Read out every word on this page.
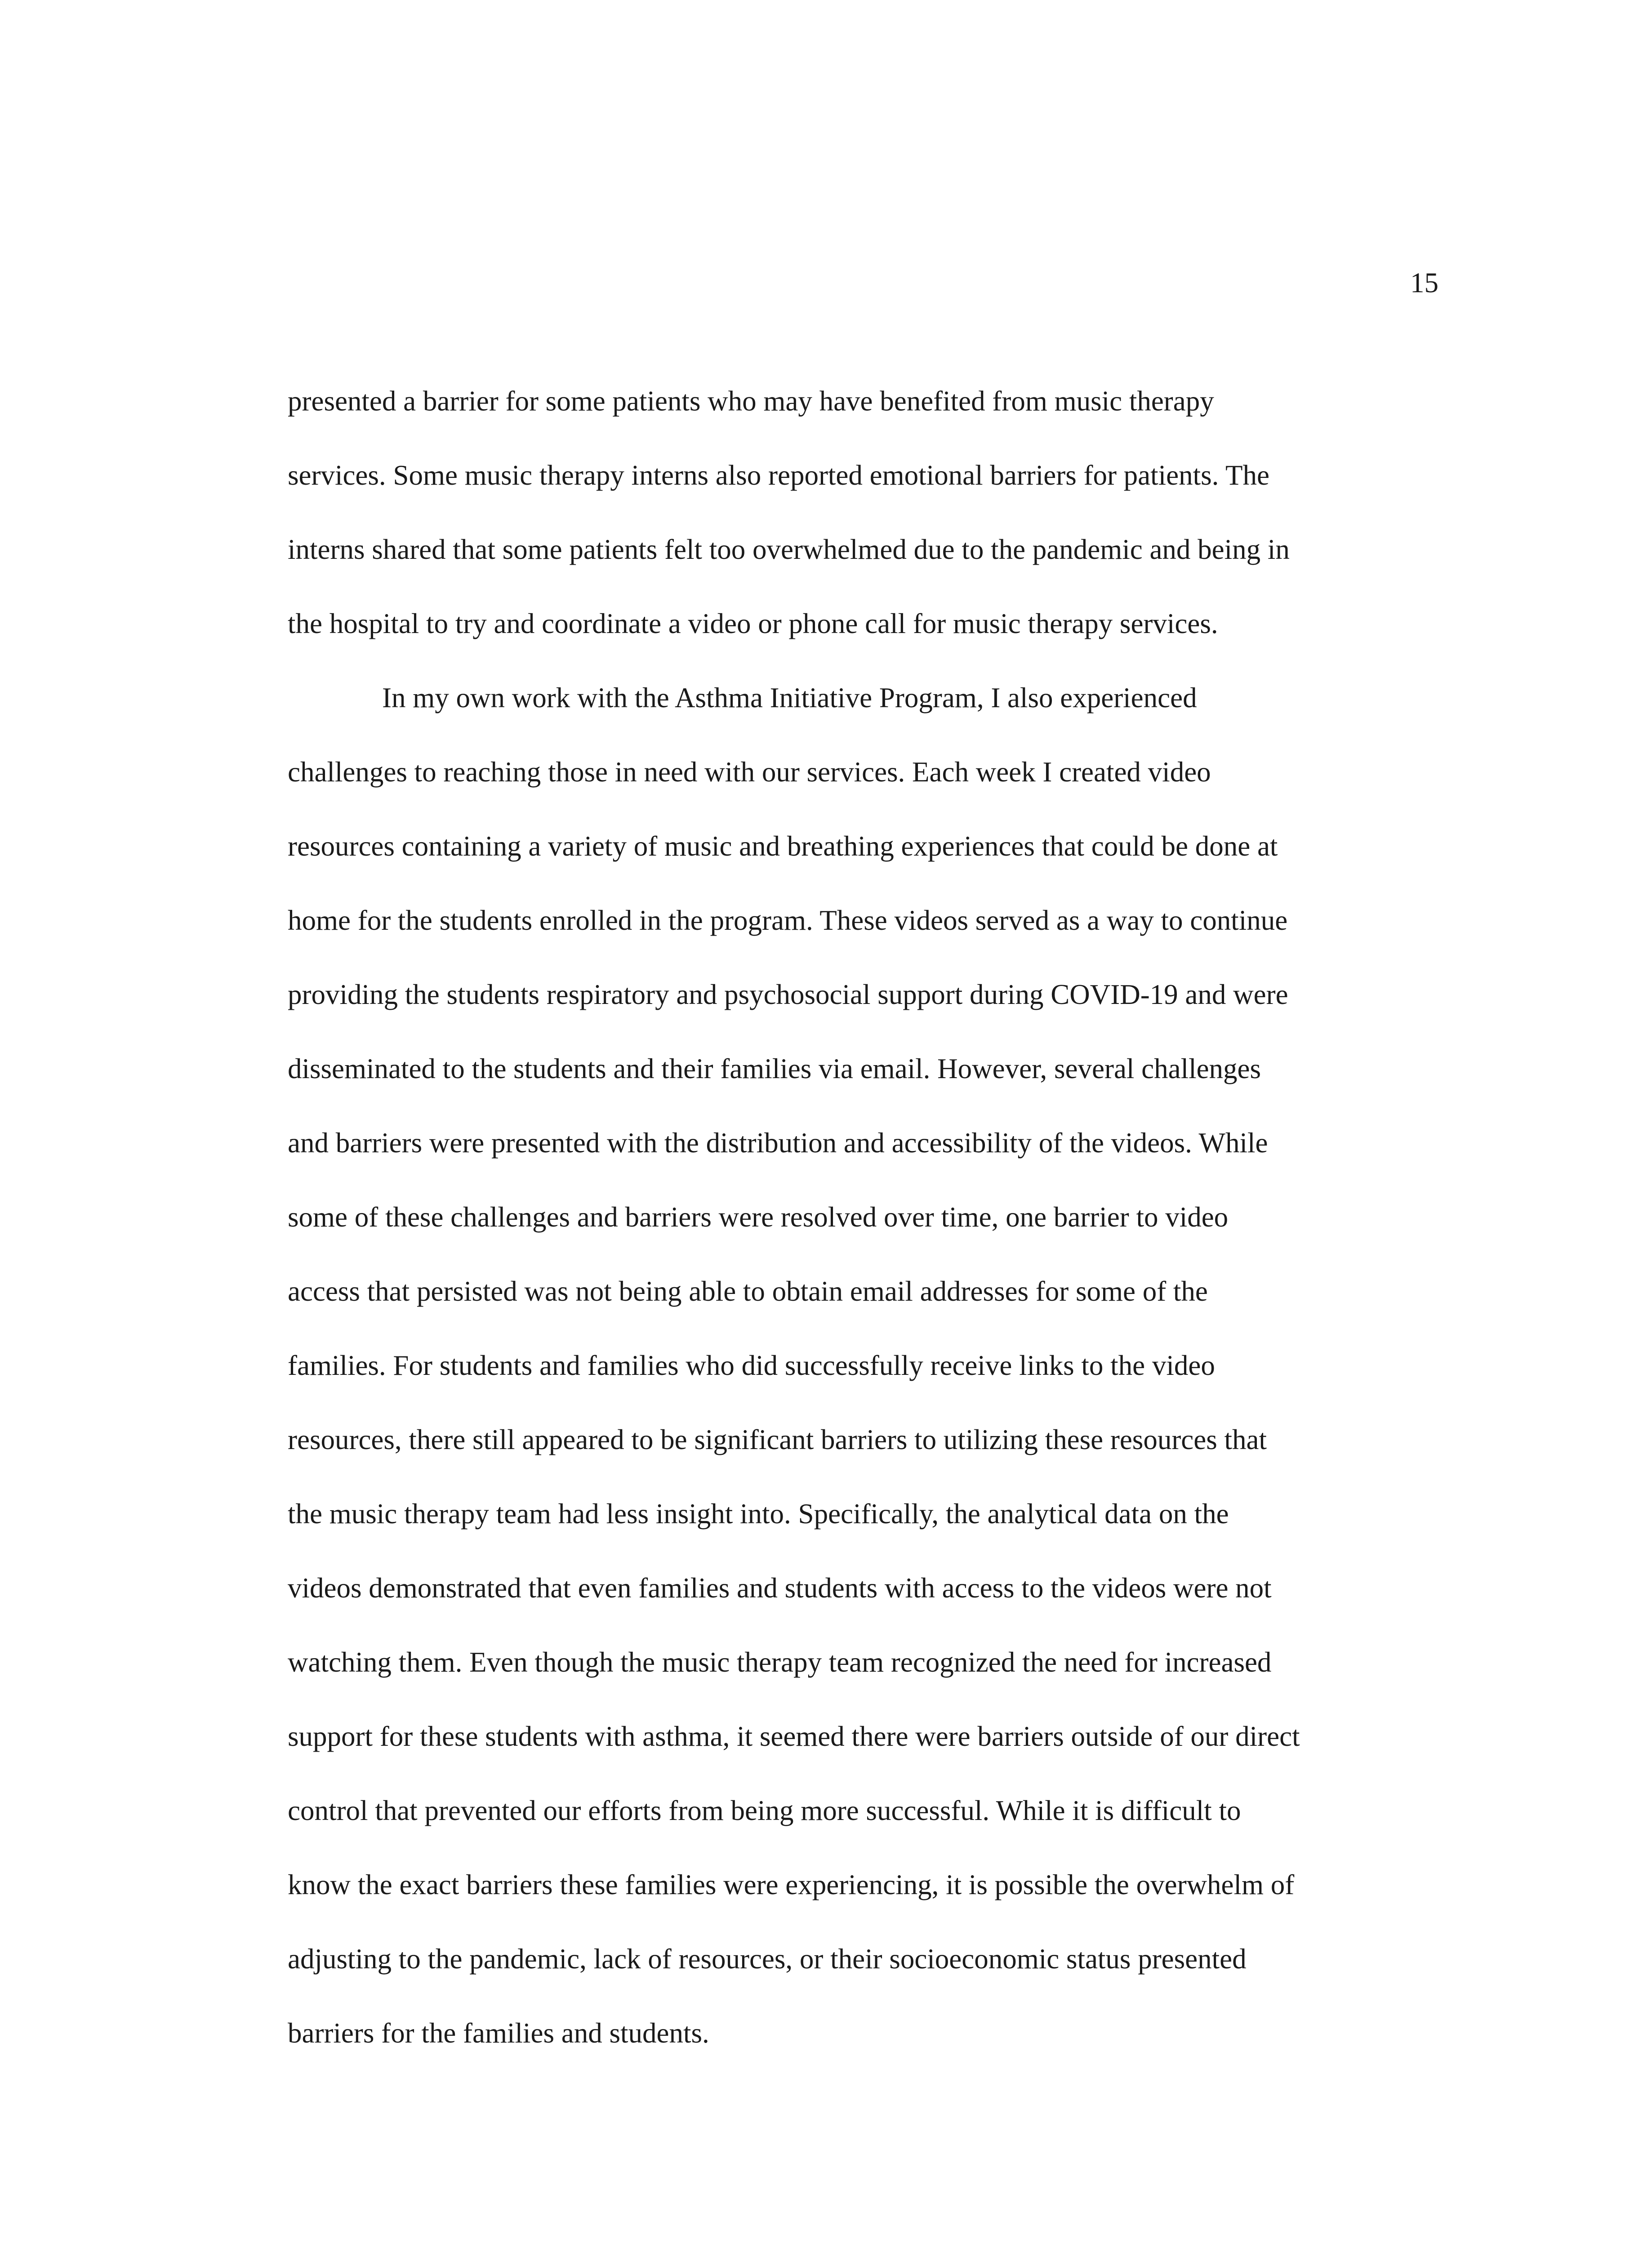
15
presented a barrier for some patients who may have benefited from music therapy
services. Some music therapy interns also reported emotional barriers for patients. The
interns shared that some patients felt too overwhelmed due to the pandemic and being in
the hospital to try and coordinate a video or phone call for music therapy services.
In my own work with the Asthma Initiative Program, I also experienced
challenges to reaching those in need with our services. Each week I created video
resources containing a variety of music and breathing experiences that could be done at
home for the students enrolled in the program. These videos served as a way to continue
providing the students respiratory and psychosocial support during COVID-19 and were
disseminated to the students and their families via email. However, several challenges
and barriers were presented with the distribution and accessibility of the videos. While
some of these challenges and barriers were resolved over time, one barrier to video
access that persisted was not being able to obtain email addresses for some of the
families. For students and families who did successfully receive links to the video
resources, there still appeared to be significant barriers to utilizing these resources that
the music therapy team had less insight into. Specifically, the analytical data on the
videos demonstrated that even families and students with access to the videos were not
watching them. Even though the music therapy team recognized the need for increased
support for these students with asthma, it seemed there were barriers outside of our direct
control that prevented our efforts from being more successful. While it is difficult to
know the exact barriers these families were experiencing, it is possible the overwhelm of
adjusting to the pandemic, lack of resources, or their socioeconomic status presented
barriers for the families and students.
